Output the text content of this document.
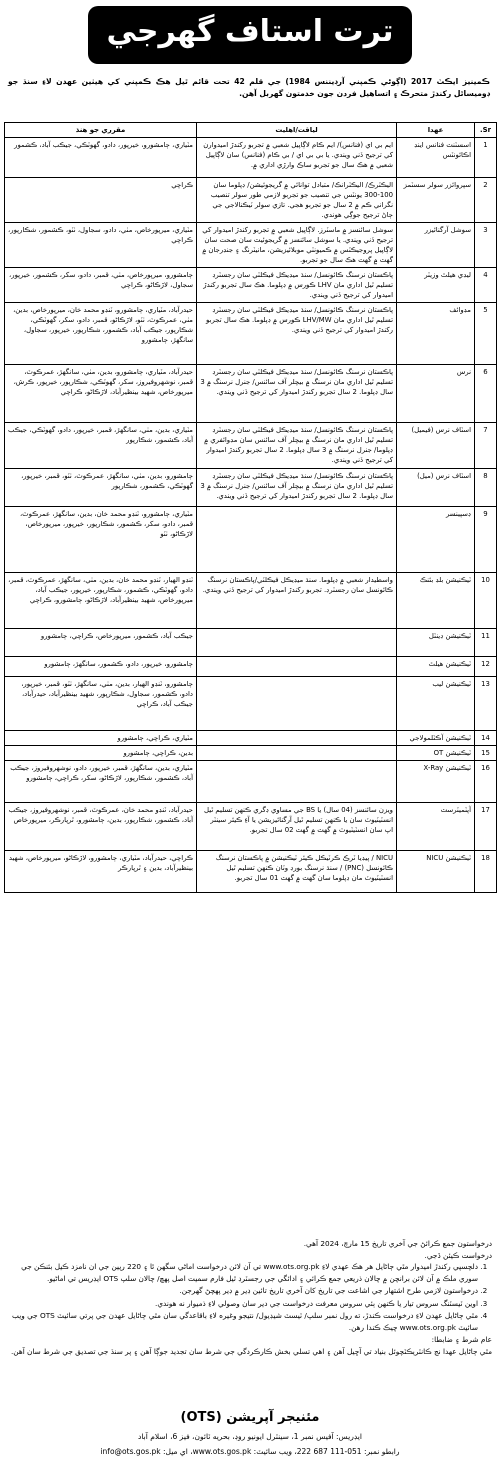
ترت استاف گهرجي
ڪمينيز ايڪٽ 2017 (اڳوڻي ڪمپني آرڊيننس 1984) جي قلم 42 تحت قائم ٿيل هڪ ڪمپني کي هيٺين عهدن لاءِ سنڌ جو ڊوميسائل رکندڙ متحرڪ ۽ اتساهيل فردن جون خدمتون گهربل آهن.
Sr.	عهدا	لياقت/اهليت	مقرري جو هنڌ
1	اسسٽنٽ فنانس اينڊ اڪائونٽس	ايم بي اي (فنانس)/ ايم ڪام لاڳاپيل شعبي ۾ تجربو رکندڙ اميدوارن کي ترجيح ڏني ويندي. يا بي بي اي / بي ڪام (فنانس) سان لاڳاپيل شعبي ۾ هڪ سال جو تجربو ساڪ وارڙي اداري ۾.	مٽياري، ڄامشورو، خيرپور، دادو، گهوٽڪي، جيڪب آباد، ڪشمور
2	سپروائزر سولر سسٽمز	اليڪٽرڪ/ اليڪٽرانڪ/ متبادل توانائي ۾ گريجوئيشن/ ڊپلوما سان 100-300 يونٽس جي تنصيب جو تجربو لازمي طور سولر تنصيب نگراني ڪم ۾ 2 سال جو تجربو هجي. تازي سولر ٽيڪنالاجي جي ڄاڻ ترجيح جوڳي هوندي.	ڪراچي
3	سوشل آرگنائيزر	سوشل سائنسز ۾ ماسٽرز. لاڳاپيل شعبي ۾ تجربو رکندڙ اميدوار کي ترجيح ڏني ويندي. يا سوشل سائنسز ۾ گريجوئيٽ سان صحت سان لاڳاپيل پروجيڪٽس ۾ ڪميونٽي موبلائيزيشن، مانيٽرنگ ۽ جنڊرجان ۾ گهٽ ۾ گهٽ هڪ سال جو تجربو.	مٽياري، ميرپورخاص، مٺي، دادو، سجاول، ٺٽو، ڪشمور، شڪارپور، ڪراچي
4	ليڊي هيلٿ وزيٽر	پاڪستان نرسنگ ڪائونسل/ سنڌ ميڊيڪل فيڪلٽي سان رجسٽرڊ تسليم ٿيل اداري مان LHV ڪورس ۾ ڊپلوما. هڪ سال تجربو رکندڙ اميدوار کي ترجيح ڏني ويندي.	ڄامشورو، ميرپورخاص، مٺي، قمبر، دادو، سکر، ڪشمور، خيرپور، سجاول، لاڙڪاڻو، ڪراچي
5	مڊوائف	پاڪستان نرسنگ ڪائونسل/ سنڌ ميڊيڪل فيڪلٽي سان رجسٽرڊ تسليم ٿيل اداري مان LHV/MW ڪورس ۾ ڊپلوما. هڪ سال تجربو رکندڙ اميدوار کي ترجيح ڏني ويندي.	حيدرآباد، مٽياري، ڄامشورو، ٽنڊو محمد خان، ميرپورخاص، بدين، مٺي، عمرڪوٽ، ٺٽو، لاڙڪاڻو، قمبر، دادو، سکر، گهوٽڪي، شڪارپور، جيڪب آباد، ڪشمور، شڪارپور، خيرپور، سجاول، سانگهڙ، ڄامشورو
6	نرس	پاڪستان نرسنگ ڪائونسل/ سنڌ ميڊيڪل فيڪلٽي سان رجسٽرڊ تسليم ٿيل اداري مان نرسنگ ۾ بيچلر آف سائنس/ جنرل نرسنگ ۾ 3 سال ڊپلوما. 2 سال تجربو رکندڙ اميدوار کي ترجيح ڏني ويندي.	حيدرآباد، مٽياري، ڄامشورو، بدين، مٺي، سانگهڙ، عمرڪوٽ، قمبر، نوشهروفيروز، سکر، گهوٽڪي، شڪارپور، خيرپور، ڪرش، ميرپورخاص، شهيد بينظيرآباد، لاڙڪاڻو، ڪراچي
7	اسٽاف نرس (فيميل)	پاڪستان نرسنگ ڪائونسل/ سنڌ ميڊيڪل فيڪلٽي سان رجسٽرڊ تسليم ٿيل اداري مان نرسنگ ۾ بيچلر آف سائنس سان مڊوائفري ۾ ڊپلوما/ جنرل نرسنگ ۾ 3 سال ڊپلوما. 2 سال تجربو رکندڙ اميدوار کي ترجيح ڏني ويندي.	مٽياري، بدين، مٺي، سانگهڙ، قمبر، خيرپور، دادو، گهوٽڪي، جيڪب آباد، ڪشمور، شڪارپور
8	اسٽاف نرس (ميل)	پاڪستان نرسنگ ڪائونسل/ سنڌ ميڊيڪل فيڪلٽي سان رجسٽرڊ تسليم ٿيل اداري مان نرسنگ ۾ بيچلر آف سائنس/ جنرل نرسنگ ۾ 3 سال ڊپلوما. 2 سال تجربو رکندڙ اميدوار کي ترجيح ڏني ويندي.	ڄامشورو، بدين، مٺي، سانگهڙ، عمرڪوٽ، ٺٽو، قمبر، خيرپور، گهوٽڪي، ڪشمور، شڪارپور
9	ڊسپينسر		مٽياري، ڄامشورو، ٽنڊو محمد خان، بدين، سانگهڙ، عمرڪوٽ، قمبر، دادو، سکر، ڪشمور، شڪارپور، خيرپور، ميرپورخاص، لاڙڪاڻو، ٺٽو
10	ٽيڪنيشن بلڊ بئنڪ	واسطيدار شعبي ۾ ڊپلوما. سنڌ ميڊيڪل فيڪلٽي/پاڪستان نرسنگ ڪائونسل سان رجسٽرڊ. تجربو رکندڙ اميدوار کي ترجيح ڏني ويندي.	ٽنڊو الهيار، ٽنڊو محمد خان، بدين، مٺي، سانگهڙ، عمرڪوٽ، قمبر، دادو، گهوٽڪي، ڪشمور، شڪارپور، خيرپور، جيڪب آباد، ميرپورخاص، شهيد بينظيرآباد، لاڙڪاڻو، ڄامشورو، ڪراچي
11	ٽيڪنيشن ڊينٽل		جيڪب آباد، ڪشمور، ميرپورخاص، ڪراچي، ڄامشورو
12	ٽيڪنيشن هيلٿ		ڄامشورو، خيرپور، دادو، ڪشمور، سانگهڙ، ڄامشورو
13	ٽيڪنيشن ليب		ڄامشورو، ٽنڊو الهيار، بدين، مٺي، سانگهڙ، ٺٽو، قمبر، خيرپور، دادو، ڪشمور، سجاول، شڪارپور، شهيد بينظيرآباد، حيدرآباد، جيڪب آباد، ڪراچي
14	ٽيڪنيشن آڪٽلمولاجي		مٽياري، ڪراچي، ڄامشورو
15	ٽيڪنيشن OT		بدين، ڪراچي، ڄامشورو
16	ٽيڪنيشن X-Ray		مٽياري، بدين، سانگهڙ، قمبر، خيرپور، دادو، نوشهروفيروز، جيڪب آباد، ڪشمور، شڪارپور، لاڙڪاڻو، سکر، ڪراچي، ڄامشورو
17	آپٽميٽرسٽ	ويزن سائنسز (04 سال) يا BS جي مساوي ڊگري ڪنهن تسليم ٿيل انسٽيٽيوٽ سان يا ڪنهن تسليم ٿيل آرگنائيزيشن يا آءِ ڪيئر سينٽر اپ سان انسٽيٽيوٽ ۾ گهٽ ۾ گهٽ 02 سال تجربو.	حيدرآباد، ٽنڊو محمد خان، عمرڪوٽ، قمبر، نوشهروفيروز، جيڪب آباد، ڪشمور، شڪارپور، بدين، ڄامشورو، ٿرپارڪر، ميرپورخاص
18	ٽيڪنيشن NICU	NICU / پيڊيا ٽرڪ ڪرٽيڪل ڪيئر ٽيڪنيشن ۾ پاڪستان نرسنگ ڪائونسل (PNC) / سنڌ نرسنگ بورڊ وٽان ڪنهن تسليم ٿيل انسٽيٽيوٽ مان ڊپلوما سان گهٽ ۾ گهٽ 01 سال تجربو.	ڪراچي، حيدرآباد، مٽياري، ڄامشورو، لاڙڪاڻو، ميرپورخاص، شهيد بينظيرآباد، بدين ۽ ٿرپارڪر

درخواستون جمع ڪرائڻ جي آخري تاريخ 15 مارچ، 2024 آهي.

درخواست ڪيئن ڏجي.

1. دلچسپي رکندڙ اميدوار مٿي ڄاڻايل هر هڪ عهدي لاءِ www.ots.org.pk تي آن لائن درخواست اماڻي سگهن ٿا ۽ 220 رپين جي ان نامزد ڪيل بئنڪن جي سوري ملڪ ۾ آن لائن برانچن ۾ چالان ذريعي جمع ڪرائي ۽ ادائگي جي رجسٽرڊ ٿيل فارم سميت اصل پهچ/ چالان سلپ OTS ايڊريس تي اماڻيو.
2. درخواستون لازمي طرح اشتهار جي اشاعت جي تاريخ کان آخري تاريخ تائين ڊير ۾ ڊير پهچڻ گهرجن.
3. اوين ٽيسٽنگ سروس تيار يا ڪنهن ٻئي سروس معرفت درخواست جي دير سان وصولي لاءِ ذميوار نه هوندي.
4. مٿي ڄاڻايل عهدن لاءِ درخواست ڪندڙ، ته رول نمبر سلپ/ ٽيسٽ شيڊيول/ نتيجو وغيره لاءِ باقاعدگي سان مٿي ڄاڻايل عهدن جي پرتي سائيٽ OTS جي ويب سائيٽ www.ots.org.pk چيڪ ڪندا رهن.

عام شرط ۽ ضابطا:

مٿي ڄاڻايل عهدا نج ڪانٽريڪٽچوئل بنياد تي آڇيل آهن ۽ اهي تسلي بخش ڪارڪردگي جي شرط سان تجديد جوڳا آهن ۽ پر سنڌ جي تصديق جي شرط سان آهن.

مئنيجر آپريشن (OTS)
ايڊريس: آفيس نمبر 1، سينٽرل ايونيو روڊ، بحريه ٽائون، فيز 6، اسلام آباد
رابطو نمبر: 051-111 687 222، ويب سائيٽ: www.ots.gos.pk، اي ميل: info@ots.gos.pk
